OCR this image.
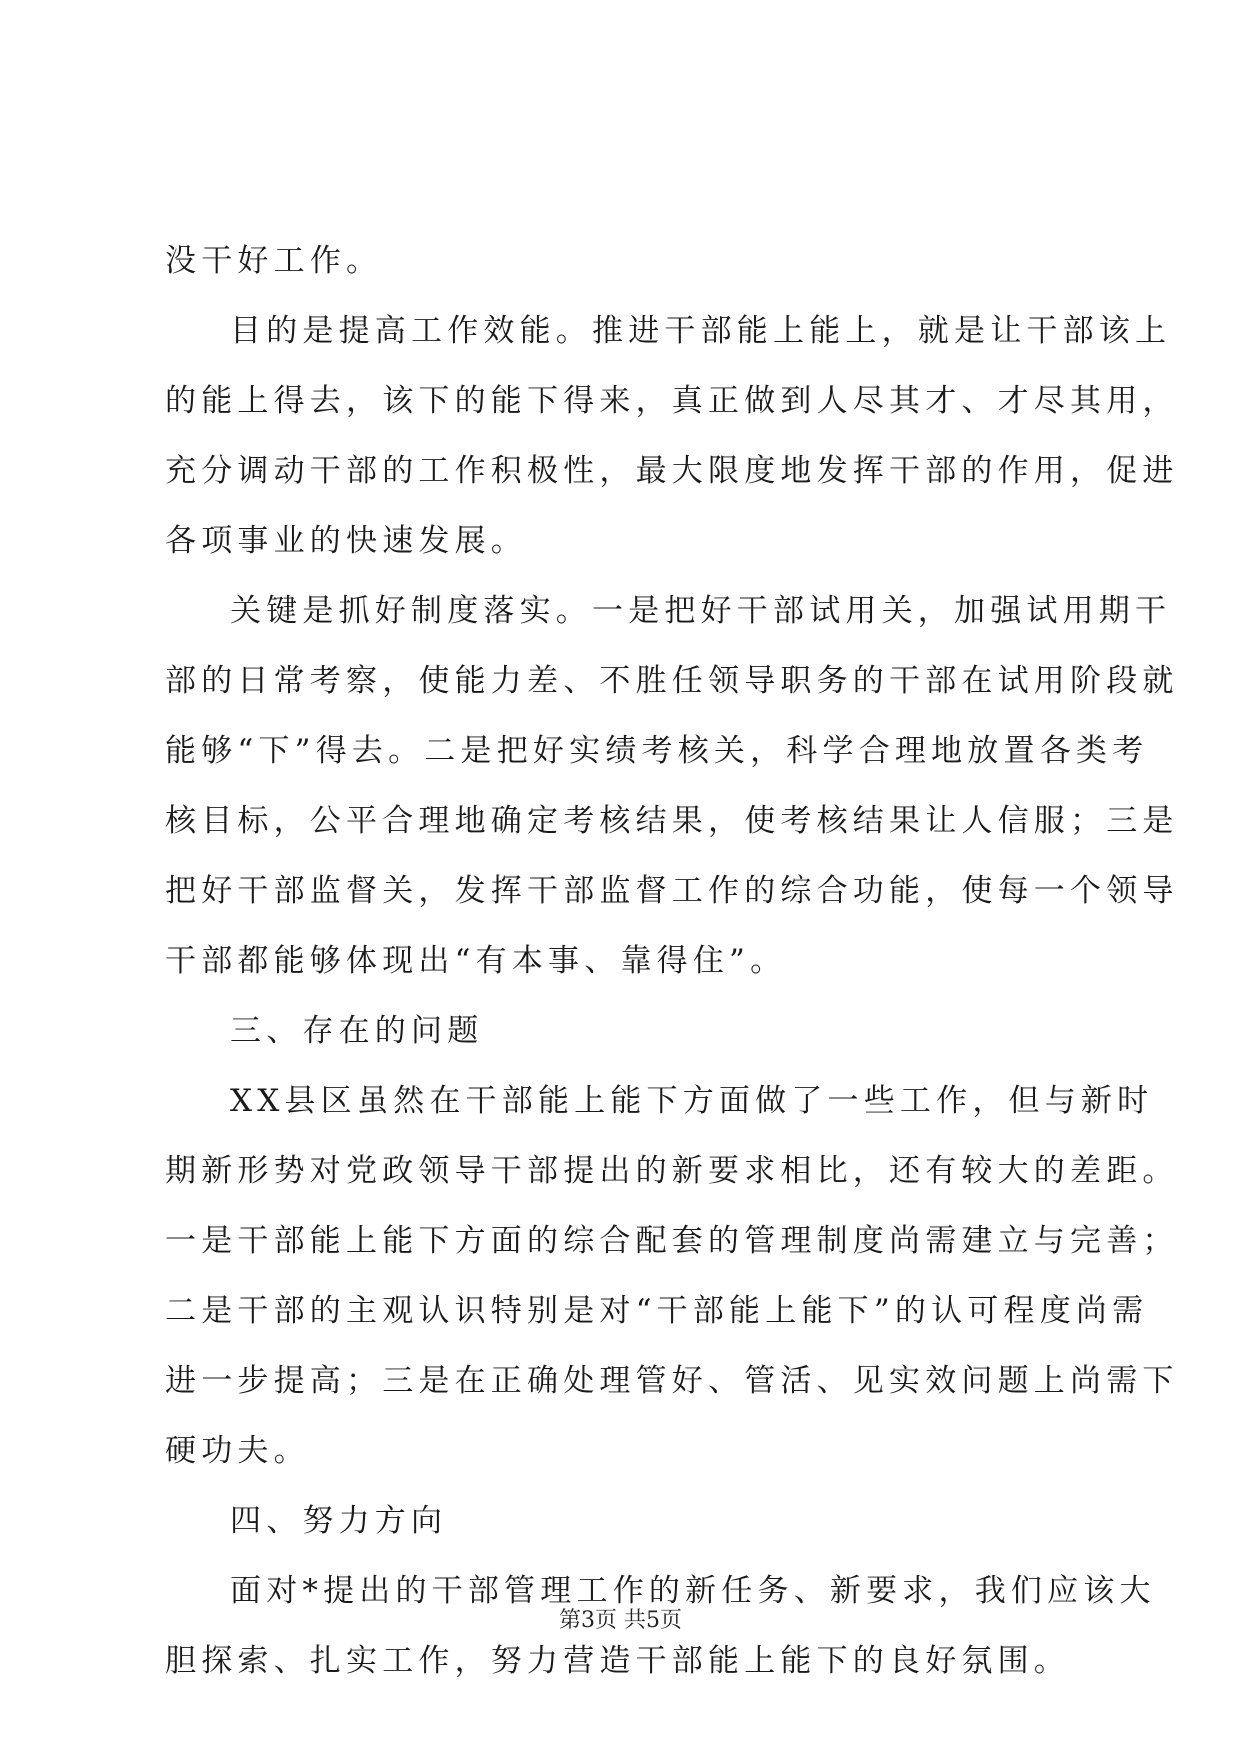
没干好工作。
目的是提高工作效能。推进干部能上能上，就是让干部该上
的能上得去，该下的能下得来，真正做到人尽其才、才尽其用，
充分调动干部的工作积极性，最大限度地发挥干部的作用，促进
各项事业的快速发展。
关键是抓好制度落实。一是把好干部试用关，加强试用期干
部的日常考察，使能力差、不胜任领导职务的干部在试用阶段就
能够“下”得去。二是把好实绩考核关，科学合理地放置各类考
核目标，公平合理地确定考核结果，使考核结果让人信服；三是
把好干部监督关，发挥干部监督工作的综合功能，使每一个领导
干部都能够体现出“有本事、靠得住”。
三、存在的问题
XX县区虽然在干部能上能下方面做了一些工作，但与新时
期新形势对党政领导干部提出的新要求相比，还有较大的差距。
一是干部能上能下方面的综合配套的管理制度尚需建立与完善；
二是干部的主观认识特别是对“干部能上能下”的认可程度尚需
进一步提高；三是在正确处理管好、管活、见实效问题上尚需下
硬功夫。
四、努力方向
面对*提出的干部管理工作的新任务、新要求，我们应该大
胆探索、扎实工作，努力营造干部能上能下的良好氛围。
第3页 共5页
